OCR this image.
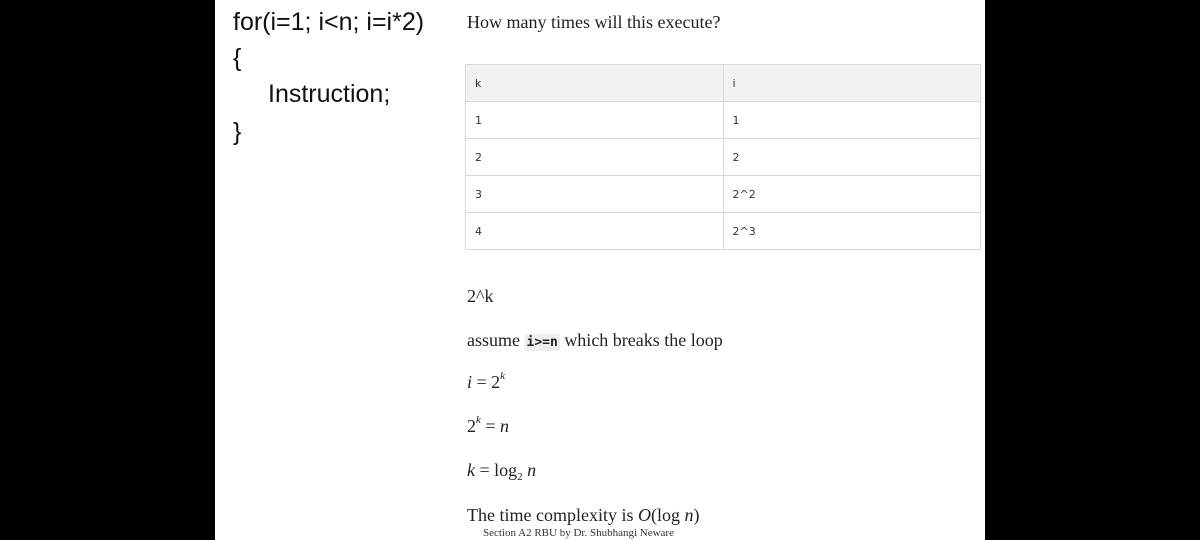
for(i=1; i<n; i=i*2)
{
Instruction;
}
How many times will this execute?
k	i
1	1
2	2
3	2^2
4	2^3
2^k
assume i>=n which breaks the loop
$i = 2^k$
$2^k = n$
$k = \log_2 n$
The time complexity is O(log n)
Section A2 RBU by Dr. Shubhangi Neware
